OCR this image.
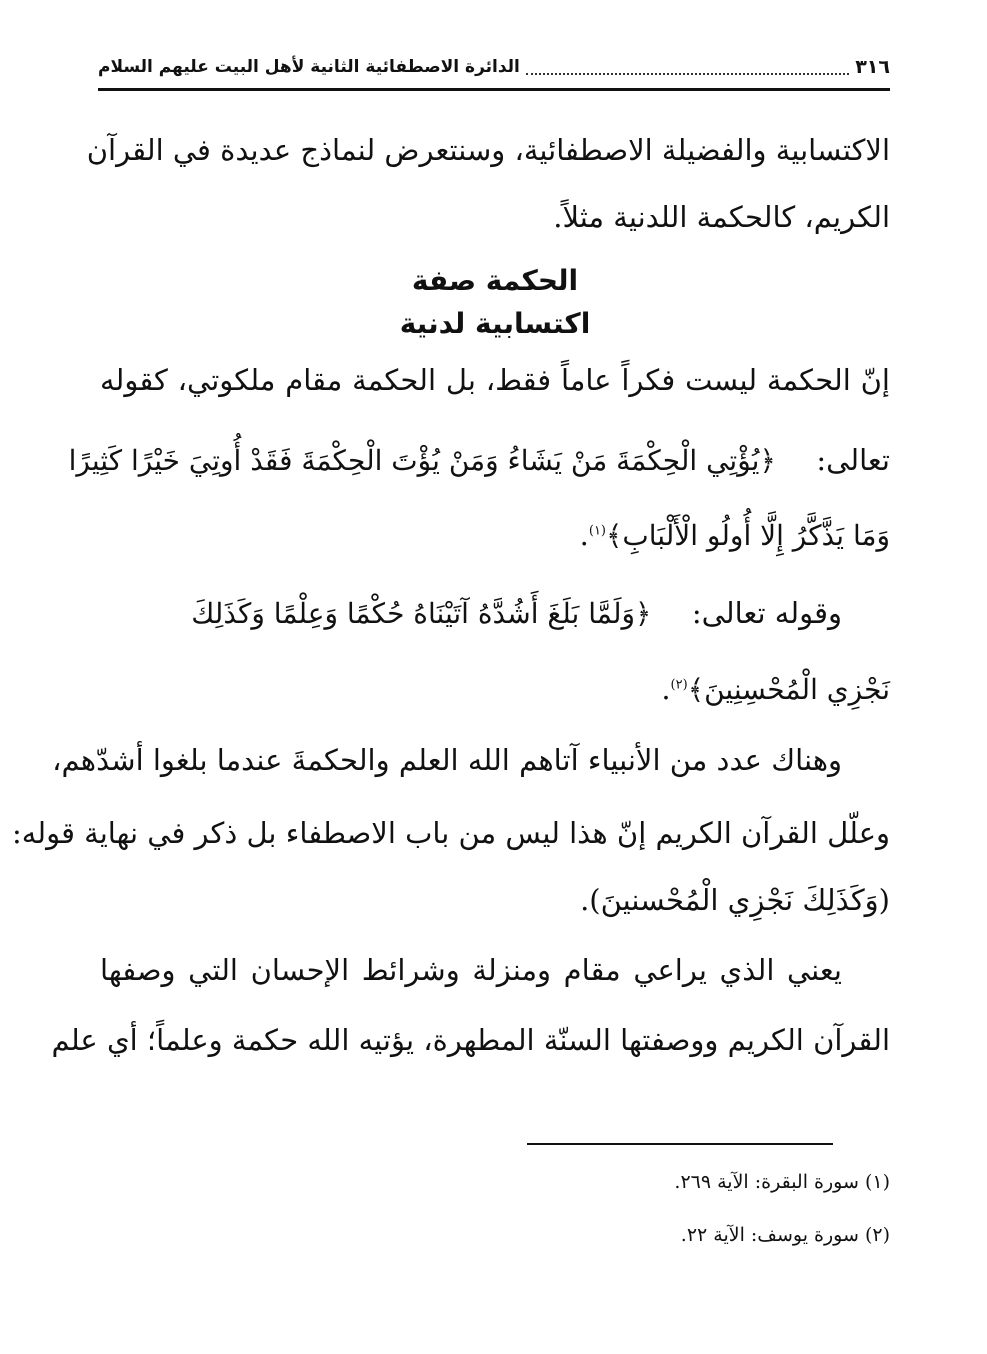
٣١٦
الدائرة الاصطفائية الثانية لأهل البيت عليهم السلام
الاكتسابية والفضيلة الاصطفائية، وسنتعرض لنماذج عديدة في القرآن
الكريم، كالحكمة اللدنية مثلاً.
الحكمة صفة
اكتسابية لدنية
إنّ الحكمة ليست فكراً عاماً فقط، بل الحكمة مقام ملكوتي، كقوله
تعالى:  ﴿يُؤْتِي الْحِكْمَةَ مَنْ يَشَاءُ وَمَنْ يُؤْتَ الْحِكْمَةَ فَقَدْ أُوتِيَ خَيْرًا كَثِيرًا
وَمَا يَذَّكَّرُ إِلَّا أُولُو الْأَلْبَابِ﴾$^{(١)}$.
وقوله تعالى:  ﴿وَلَمَّا بَلَغَ أَشُدَّهُ آتَيْنَاهُ حُكْمًا وَعِلْمًا وَكَذَلِكَ
نَجْزِي الْمُحْسِنِينَ﴾$^{(٢)}$.
وهناك عدد من الأنبياء آتاهم الله العلم والحكمةَ عندما بلغوا أشدّهم،
وعلّل القرآن الكريم إنّ هذا ليس من باب الاصطفاء بل ذكر في نهاية قوله:
(وَكَذَلِكَ نَجْزِي الْمُحْسنينَ).
يعني الذي يراعي مقام ومنزلة وشرائط الإحسان التي وصفها
القرآن الكريم ووصفتها السنّة المطهرة، يؤتيه الله حكمة وعلماً؛ أي علم
(١) سورة البقرة: الآية ٢٦٩.
(٢) سورة يوسف: الآية ٢٢.
